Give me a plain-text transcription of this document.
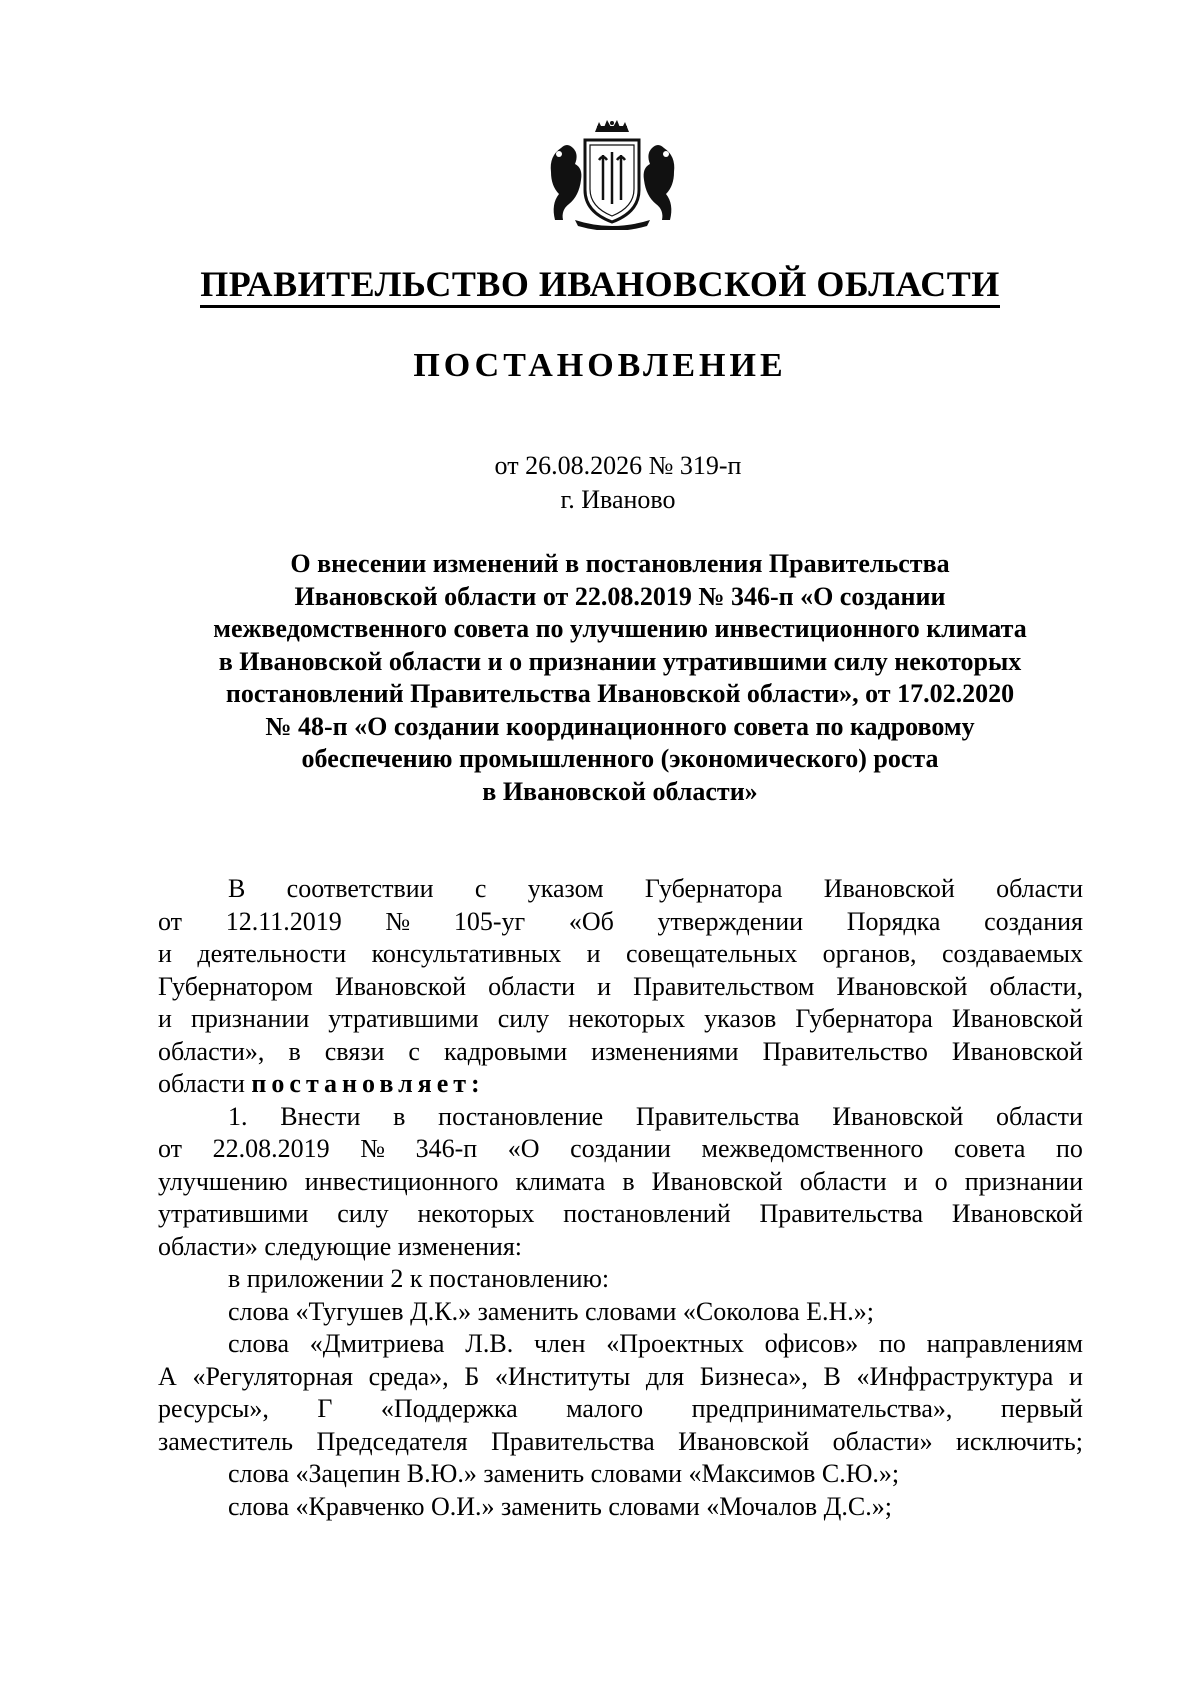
ПРАВИТЕЛЬСТВО ИВАНОВСКОЙ ОБЛАСТИ
ПОСТАНОВЛЕНИЕ
от 26.08.2026 № 319-п
г. Иваново
О внесении изменений в постановления Правительства
Ивановской области от 22.08.2019 № 346-п «О создании
межведомственного совета по улучшению инвестиционного климата
в Ивановской области и о признании утратившими силу некоторых
постановлений Правительства Ивановской области», от 17.02.2020
№ 48-п «О создании координационного совета по кадровому
обеспечению промышленного (экономического) роста
в Ивановской области»
В соответствии с указом Губернатора Ивановской области
от 12.11.2019 № 105-уг «Об утверждении Порядка создания
и деятельности консультативных и совещательных органов, создаваемых
Губернатором Ивановской области и Правительством Ивановской области,
и признании утратившими силу некоторых указов Губернатора Ивановской
области», в связи с кадровыми изменениями Правительство Ивановской
области постановляет:
1. Внести в постановление Правительства Ивановской области
от 22.08.2019 № 346-п «О создании межведомственного совета по
улучшению инвестиционного климата в Ивановской области и о признании
утратившими силу некоторых постановлений Правительства Ивановской
области» следующие изменения:
в приложении 2 к постановлению:
слова «Тугушев Д.К.» заменить словами «Соколова Е.Н.»;
слова «Дмитриева Л.В. член «Проектных офисов» по направлениям
А «Регуляторная среда», Б «Институты для Бизнеса», В «Инфраструктура и
ресурсы», Г «Поддержка малого предпринимательства», первый
заместитель Председателя Правительства Ивановской области» исключить;
слова «Зацепин В.Ю.» заменить словами «Максимов С.Ю.»;
слова «Кравченко О.И.» заменить словами «Мочалов Д.С.»;
